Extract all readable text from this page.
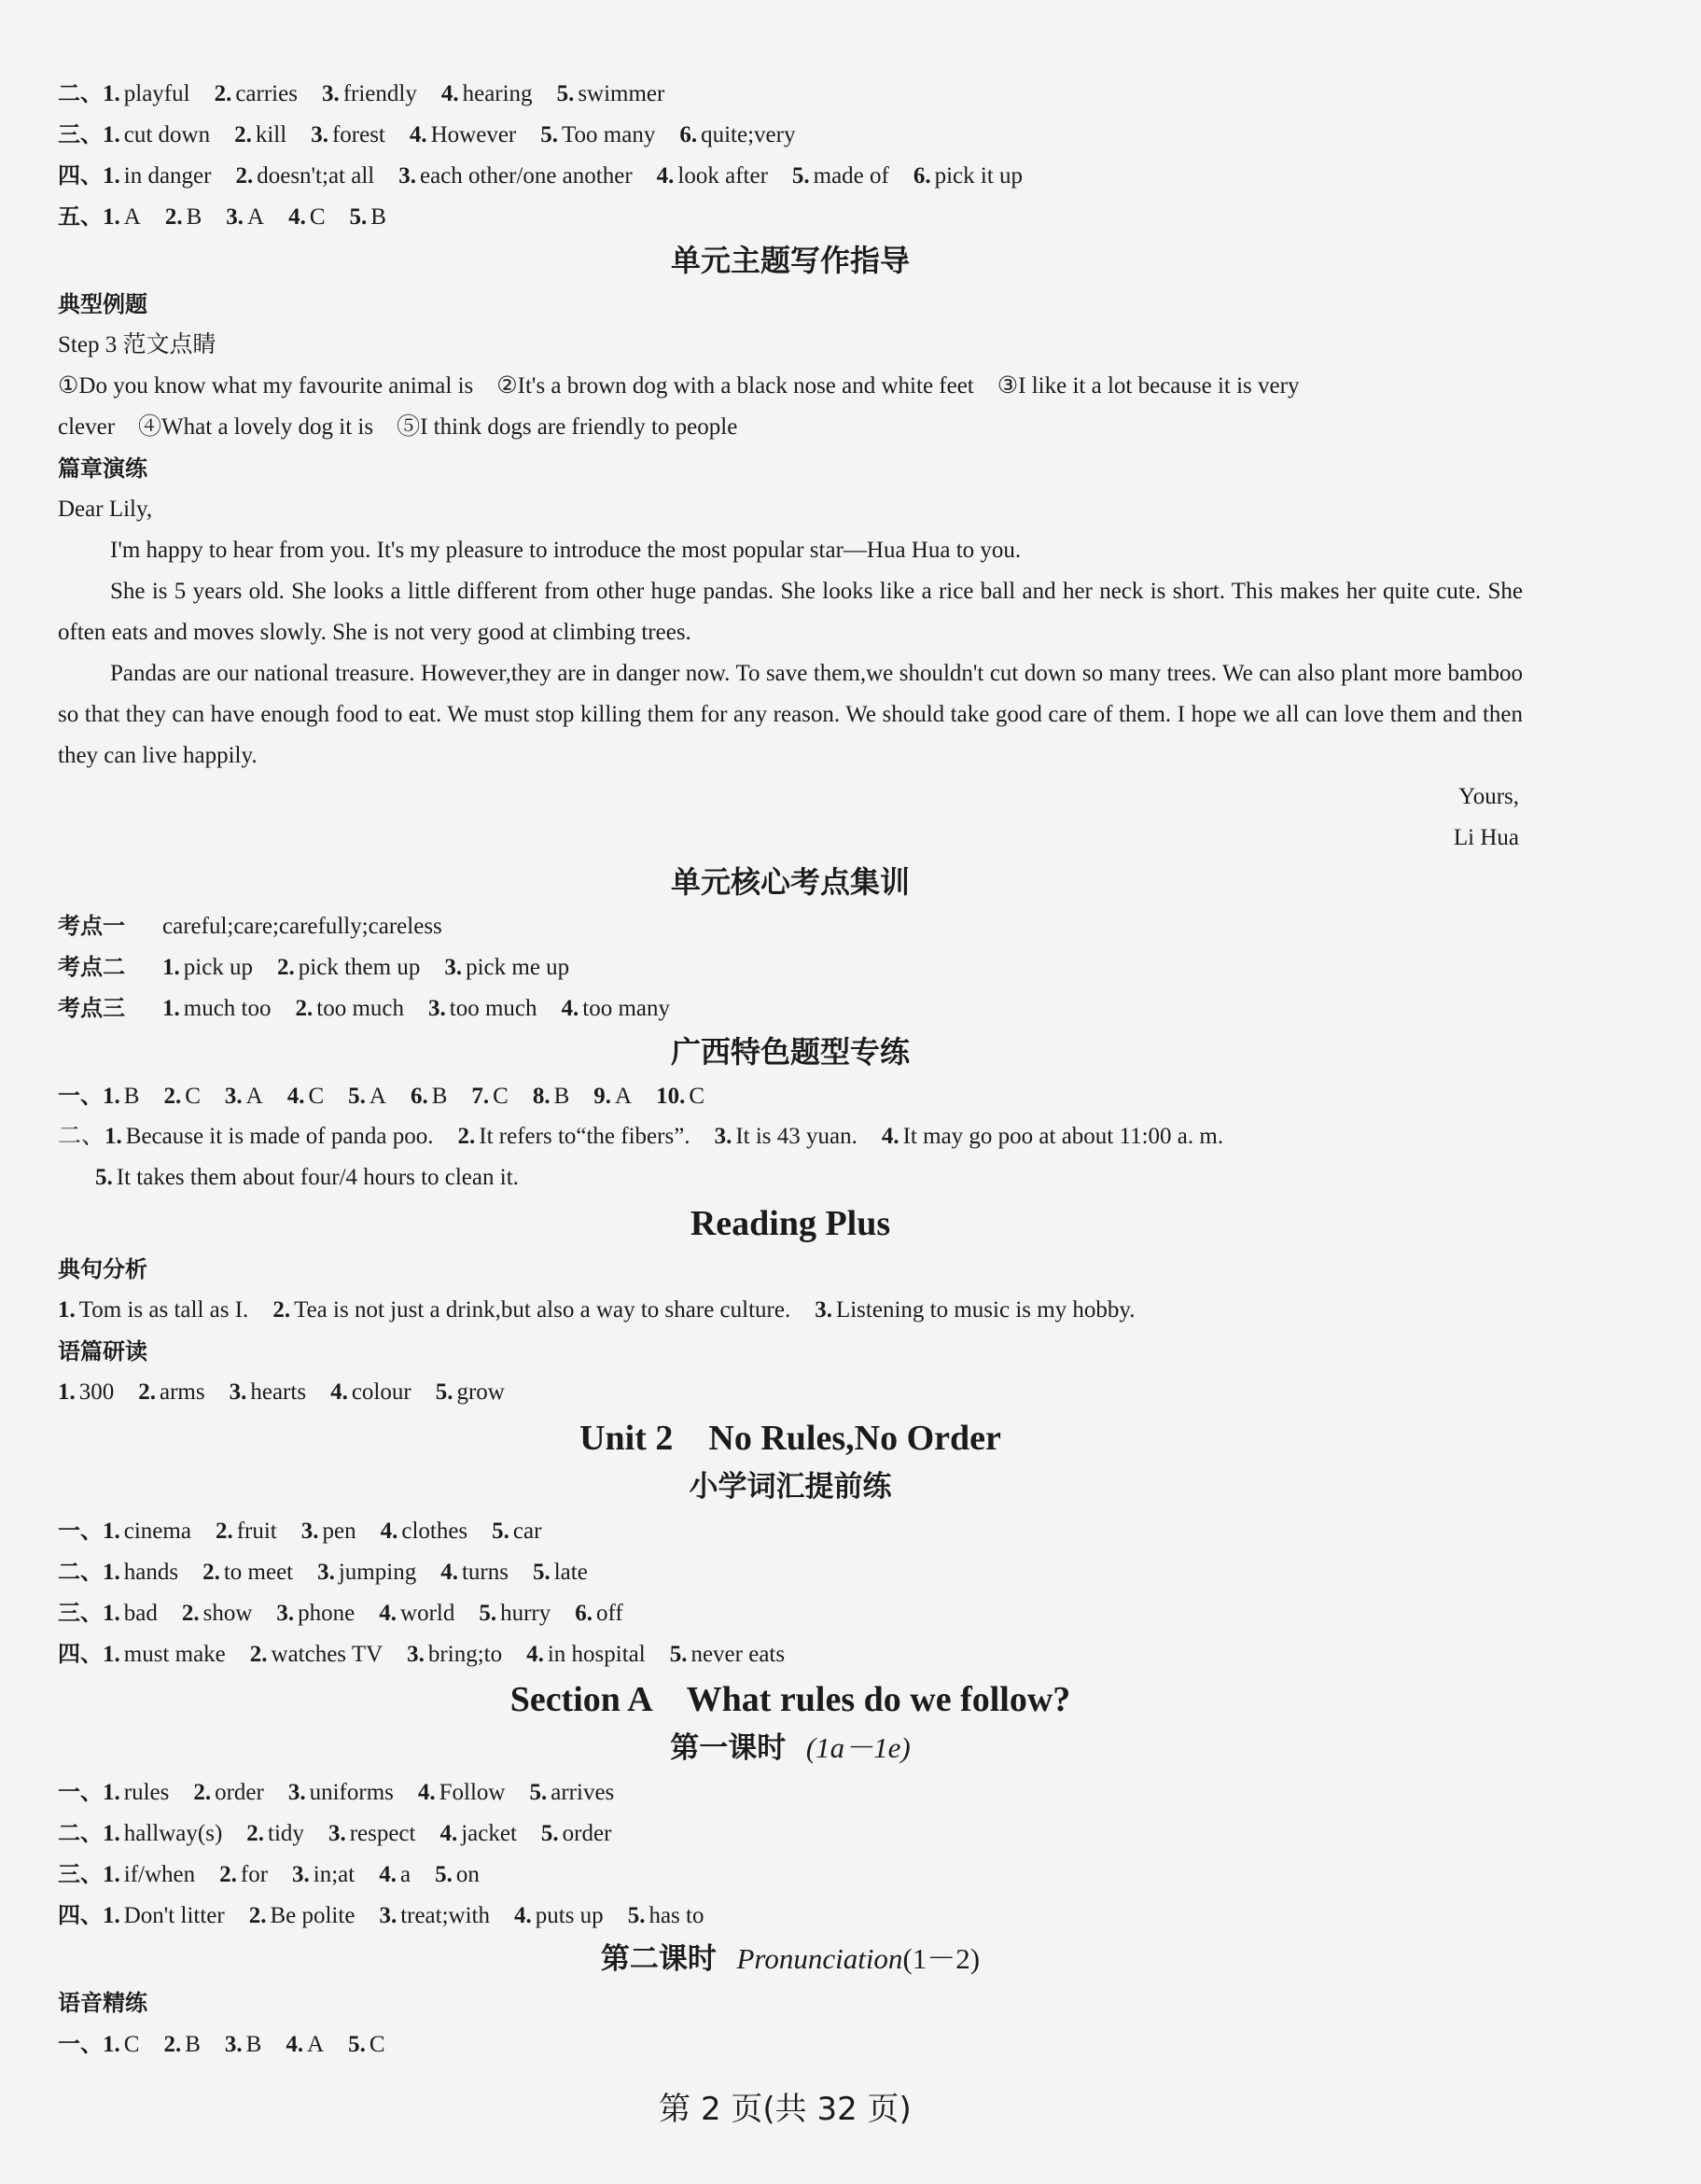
二、1. playful 2. carries 3. friendly 4. hearing 5. swimmer
三、1. cut down 2. kill 3. forest 4. However 5. Too many 6. quite;very
四、1. in danger 2. doesn't;at all 3. each other/one another 4. look after 5. made of 6. pick it up
五、1. A 2. B 3. A 4. C 5. B
单元主题写作指导
典型例题
Step 3 范文点睛
①Do you know what my favourite animal is　②It's a brown dog with a black nose and white feet　③I like it a lot because it is very
clever　④What a lovely dog it is　⑤I think dogs are friendly to people
篇章演练
Dear Lily,
I'm happy to hear from you. It's my pleasure to introduce the most popular star—Hua Hua to you.
She is 5 years old. She looks a little different from other huge pandas. She looks like a rice ball and her neck is short. This makes her quite cute. She often eats and moves slowly. She is not very good at climbing trees.
Pandas are our national treasure. However,they are in danger now. To save them,we shouldn't cut down so many trees. We can also plant more bamboo so that they can have enough food to eat. We must stop killing them for any reason. We should take good care of them. I hope we all can love them and then they can live happily.
Yours,
Li Hua
单元核心考点集训
考点一 careful;care;carefully;careless
考点二 1. pick up 2. pick them up 3. pick me up
考点三 1. much too 2. too much 3. too much 4. too many
广西特色题型专练
一、1. B 2. C 3. A 4. C 5. A 6. B 7. C 8. B 9. A 10. C
二、1. Because it is made of panda poo. 2. It refers to“the fibers”. 3. It is 43 yuan. 4. It may go poo at about 11:00 a. m.
5. It takes them about four/4 hours to clean it.
Reading Plus
典句分析
1. Tom is as tall as I. 2. Tea is not just a drink,but also a way to share culture. 3. Listening to music is my hobby.
语篇研读
1. 300 2. arms 3. hearts 4. colour 5. grow
Unit 2　No Rules,No Order
小学词汇提前练
一、1. cinema 2. fruit 3. pen 4. clothes 5. car
二、1. hands 2. to meet 3. jumping 4. turns 5. late
三、1. bad 2. show 3. phone 4. world 5. hurry 6. off
四、1. must make 2. watches TV 3. bring;to 4. in hospital 5. never eats
Section A　What rules do we follow?
第一课时 (1a－1e)
一、1. rules 2. order 3. uniforms 4. Follow 5. arrives
二、1. hallway(s) 2. tidy 3. respect 4. jacket 5. order
三、1. if/when 2. for 3. in;at 4. a 5. on
四、1. Don't litter 2. Be polite 3. treat;with 4. puts up 5. has to
第二课时 Pronunciation(1－2)
语音精练
一、1. C 2. B 3. B 4. A 5. C
第 2 页(共 32 页)
